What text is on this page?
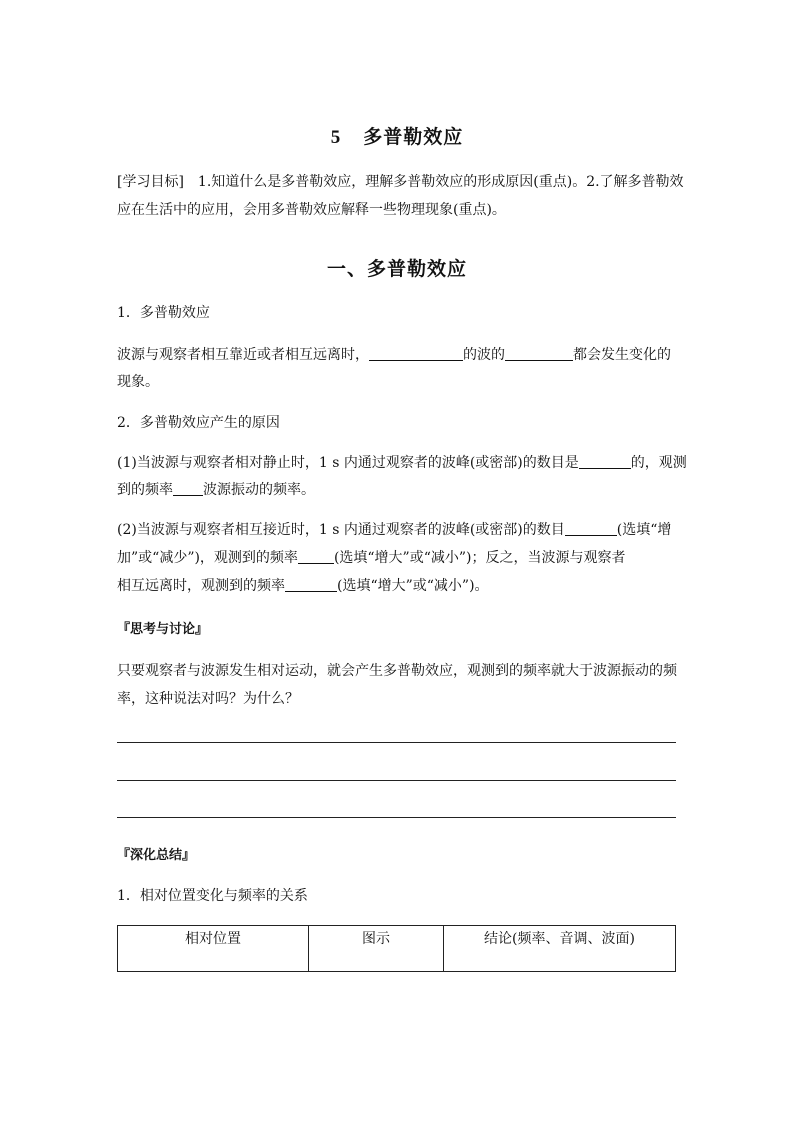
5 多普勒效应
[学习目标]　1.知道什么是多普勒效应，理解多普勒效应的形成原因(重点)。2.了解多普勒效
应在生活中的应用，会用多普勒效应解释一些物理现象(重点)。
一、多普勒效应
1．多普勒效应
波源与观察者相互靠近或者相互远离时，	的波的	都会发生变化的
现象。
2．多普勒效应产生的原因
(1)当波源与观察者相对静止时，1 s 内通过观察者的波峰(或密部)的数目是	的，观测
到的频率 波源振动的频率。
(2)当波源与观察者相互接近时，1 s 内通过观察者的波峰(或密部)的数目	(选填“增
加”或“减少”)，观测到的频率	(选填“增大”或“减小”)；反之，当波源与观察者
相互远离时，观测到的频率	(选填“增大”或“减小”)。
『思考与讨论』
只要观察者与波源发生相对运动，就会产生多普勒效应，观测到的频率就大于波源振动的频
率，这种说法对吗？为什么？
『深化总结』
1．相对位置变化与频率的关系
相对位置	图示	结论(频率、音调、波面)
